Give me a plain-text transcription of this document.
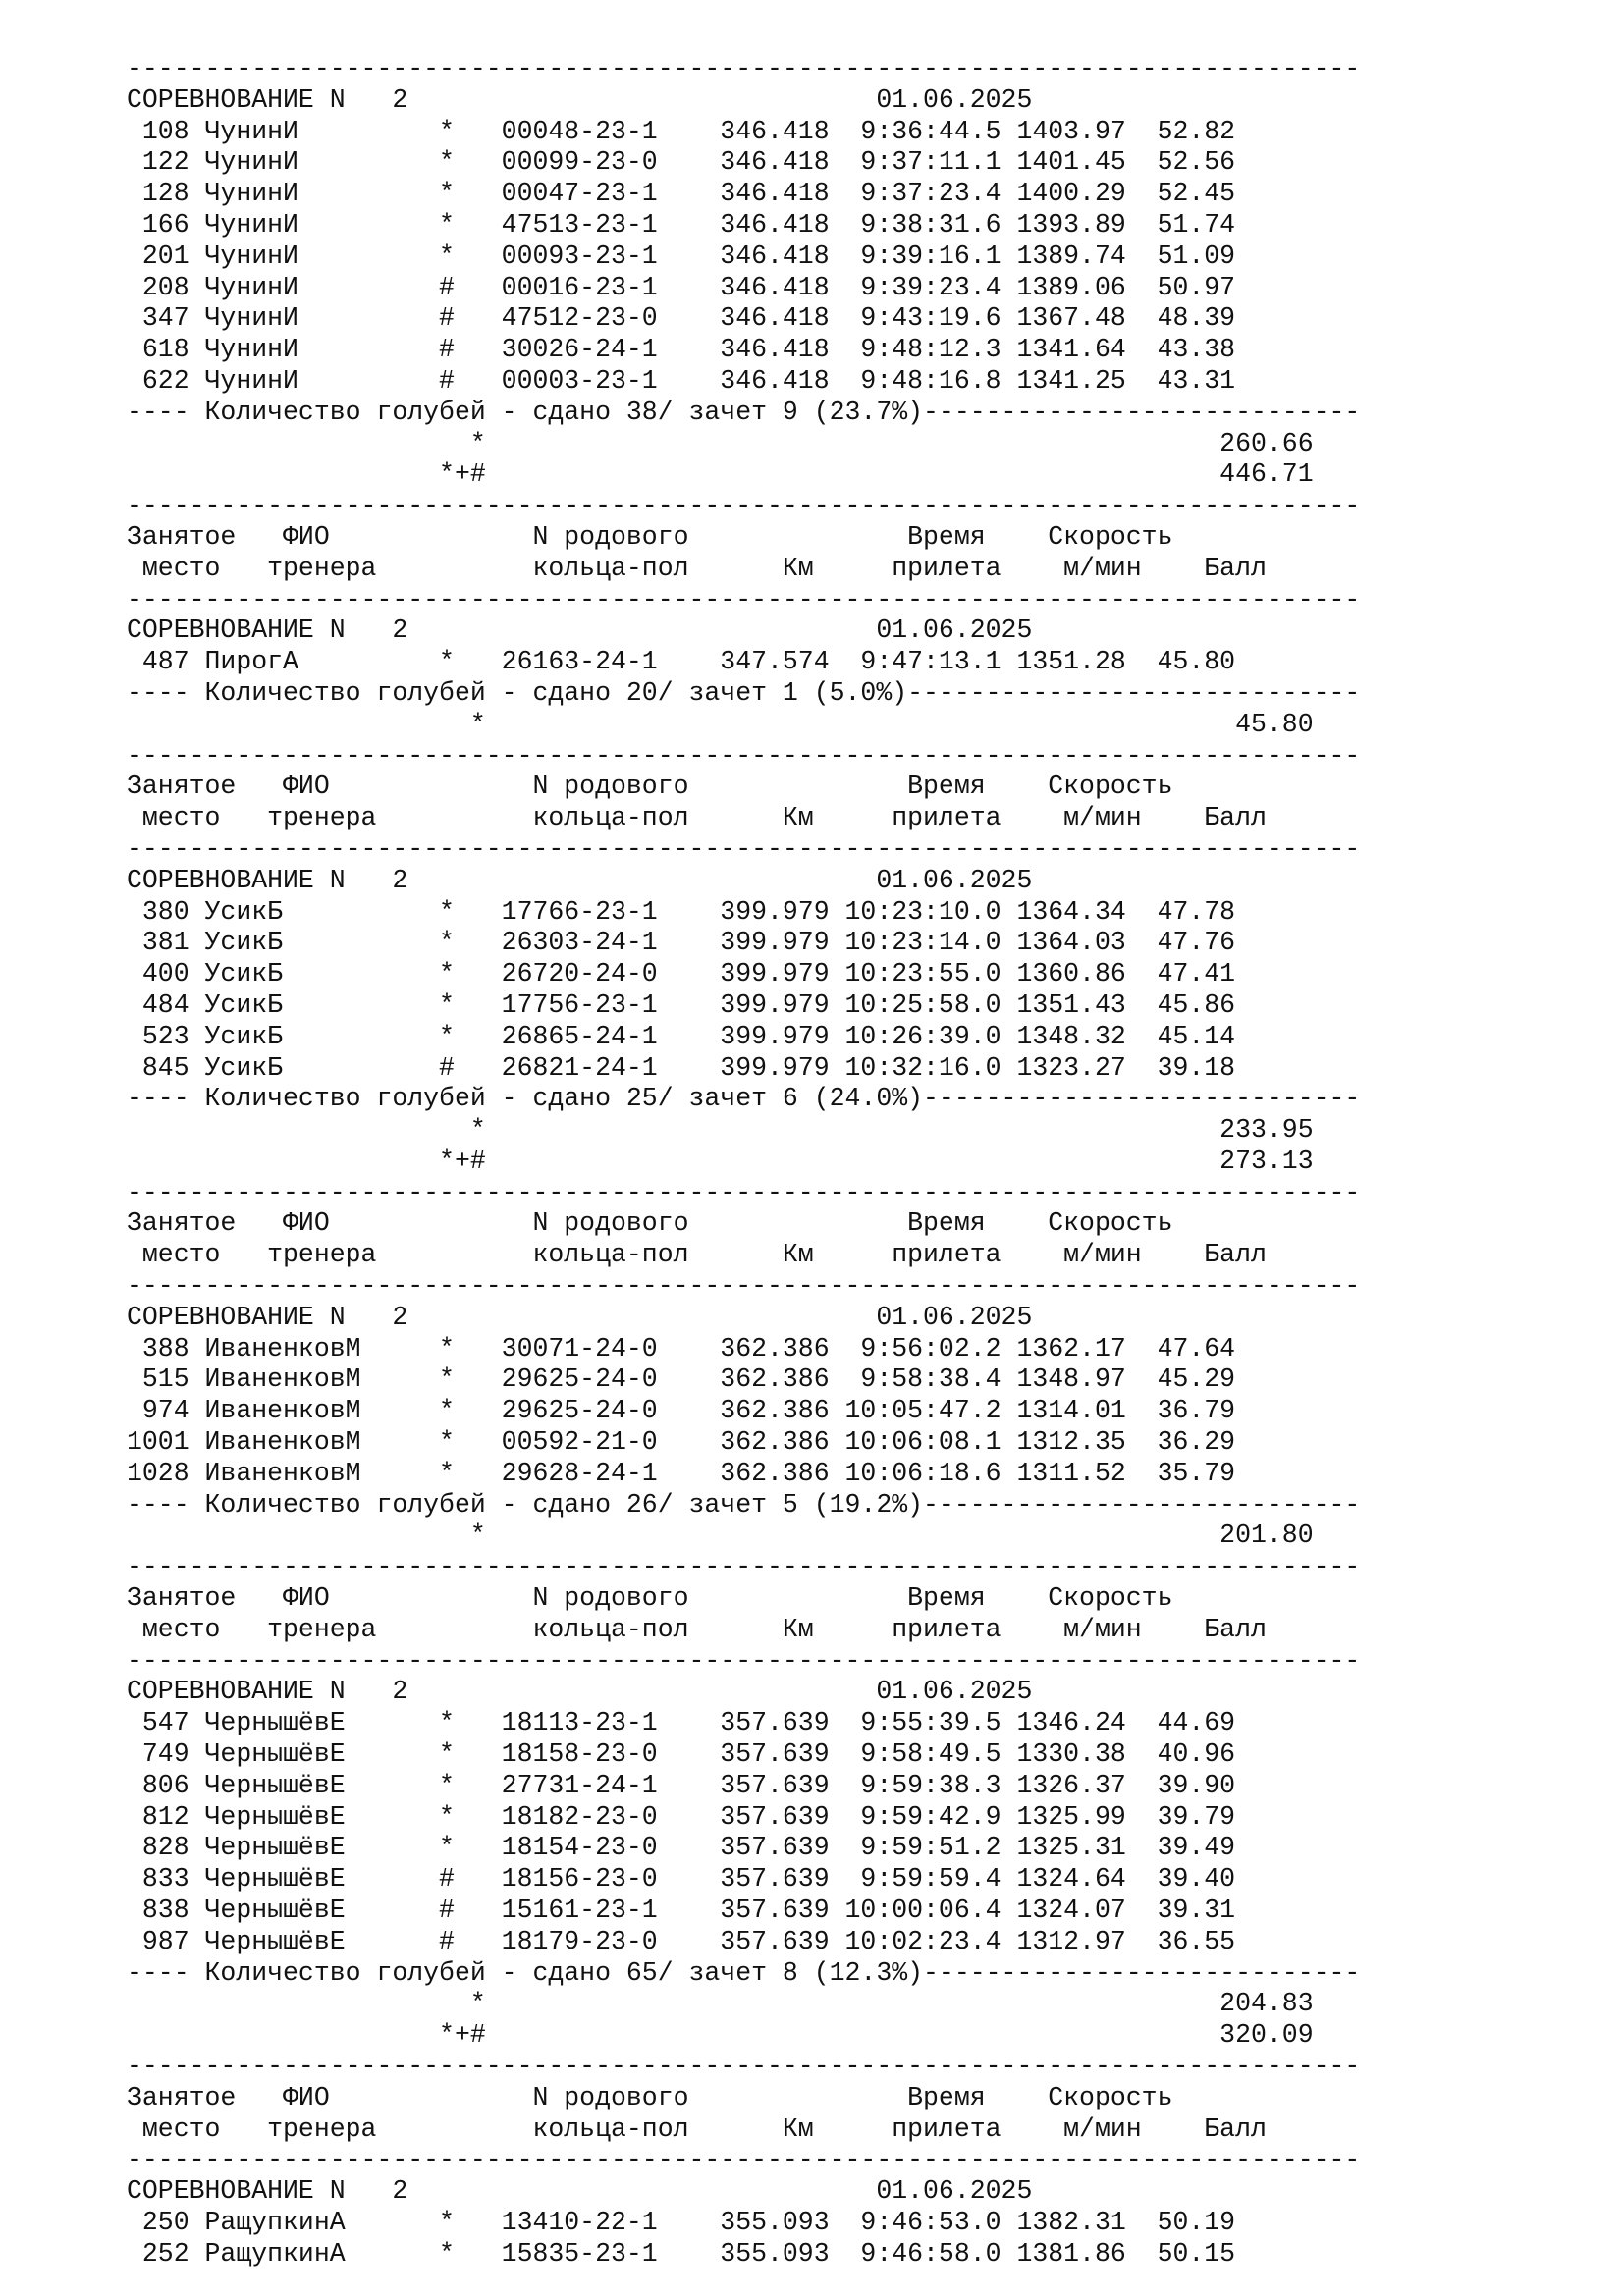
-------------------------------------------------------------------------------
СОРЕВНОВАНИЕ N   2                              01.06.2025
108 ЧунинИ         *   00048-23-1    346.418  9:36:44.5 1403.97  52.82
122 ЧунинИ         *   00099-23-0    346.418  9:37:11.1 1401.45  52.56
128 ЧунинИ         *   00047-23-1    346.418  9:37:23.4 1400.29  52.45
166 ЧунинИ         *   47513-23-1    346.418  9:38:31.6 1393.89  51.74
201 ЧунинИ         *   00093-23-1    346.418  9:39:16.1 1389.74  51.09
208 ЧунинИ         #   00016-23-1    346.418  9:39:23.4 1389.06  50.97
347 ЧунинИ         #   47512-23-0    346.418  9:43:19.6 1367.48  48.39
618 ЧунинИ         #   30026-24-1    346.418  9:48:12.3 1341.64  43.38
622 ЧунинИ         #   00003-23-1    346.418  9:48:16.8 1341.25  43.31
---- Количество голубей - сдано 38/ зачет 9 (23.7%)----------------------------
*                                               260.66
*+#                                               446.71
-------------------------------------------------------------------------------
Занятое   ФИО             N родового              Время    Скорость
место   тренера          кольца-пол      Км     прилета    м/мин    Балл
-------------------------------------------------------------------------------
СОРЕВНОВАНИЕ N   2                              01.06.2025
487 ПирогА         *   26163-24-1    347.574  9:47:13.1 1351.28  45.80
---- Количество голубей - сдано 20/ зачет 1 (5.0%)-----------------------------
*                                                45.80
-------------------------------------------------------------------------------
Занятое   ФИО             N родового              Время    Скорость
место   тренера          кольца-пол      Км     прилета    м/мин    Балл
-------------------------------------------------------------------------------
СОРЕВНОВАНИЕ N   2                              01.06.2025
380 УсикБ          *   17766-23-1    399.979 10:23:10.0 1364.34  47.78
381 УсикБ          *   26303-24-1    399.979 10:23:14.0 1364.03  47.76
400 УсикБ          *   26720-24-0    399.979 10:23:55.0 1360.86  47.41
484 УсикБ          *   17756-23-1    399.979 10:25:58.0 1351.43  45.86
523 УсикБ          *   26865-24-1    399.979 10:26:39.0 1348.32  45.14
845 УсикБ          #   26821-24-1    399.979 10:32:16.0 1323.27  39.18
---- Количество голубей - сдано 25/ зачет 6 (24.0%)----------------------------
*                                               233.95
*+#                                               273.13
-------------------------------------------------------------------------------
Занятое   ФИО             N родового              Время    Скорость
место   тренера          кольца-пол      Км     прилета    м/мин    Балл
-------------------------------------------------------------------------------
СОРЕВНОВАНИЕ N   2                              01.06.2025
388 ИваненковМ     *   30071-24-0    362.386  9:56:02.2 1362.17  47.64
515 ИваненковМ     *   29625-24-0    362.386  9:58:38.4 1348.97  45.29
974 ИваненковМ     *   29625-24-0    362.386 10:05:47.2 1314.01  36.79
1001 ИваненковМ     *   00592-21-0    362.386 10:06:08.1 1312.35  36.29
1028 ИваненковМ     *   29628-24-1    362.386 10:06:18.6 1311.52  35.79
---- Количество голубей - сдано 26/ зачет 5 (19.2%)----------------------------
*                                               201.80
-------------------------------------------------------------------------------
Занятое   ФИО             N родового              Время    Скорость
место   тренера          кольца-пол      Км     прилета    м/мин    Балл
-------------------------------------------------------------------------------
СОРЕВНОВАНИЕ N   2                              01.06.2025
547 ЧернышёвЕ      *   18113-23-1    357.639  9:55:39.5 1346.24  44.69
749 ЧернышёвЕ      *   18158-23-0    357.639  9:58:49.5 1330.38  40.96
806 ЧернышёвЕ      *   27731-24-1    357.639  9:59:38.3 1326.37  39.90
812 ЧернышёвЕ      *   18182-23-0    357.639  9:59:42.9 1325.99  39.79
828 ЧернышёвЕ      *   18154-23-0    357.639  9:59:51.2 1325.31  39.49
833 ЧернышёвЕ      #   18156-23-0    357.639  9:59:59.4 1324.64  39.40
838 ЧернышёвЕ      #   15161-23-1    357.639 10:00:06.4 1324.07  39.31
987 ЧернышёвЕ      #   18179-23-0    357.639 10:02:23.4 1312.97  36.55
---- Количество голубей - сдано 65/ зачет 8 (12.3%)----------------------------
*                                               204.83
*+#                                               320.09
-------------------------------------------------------------------------------
Занятое   ФИО             N родового              Время    Скорость
место   тренера          кольца-пол      Км     прилета    м/мин    Балл
-------------------------------------------------------------------------------
СОРЕВНОВАНИЕ N   2                              01.06.2025
250 РащупкинА      *   13410-22-1    355.093  9:46:53.0 1382.31  50.19
252 РащупкинА      *   15835-23-1    355.093  9:46:58.0 1381.86  50.15
